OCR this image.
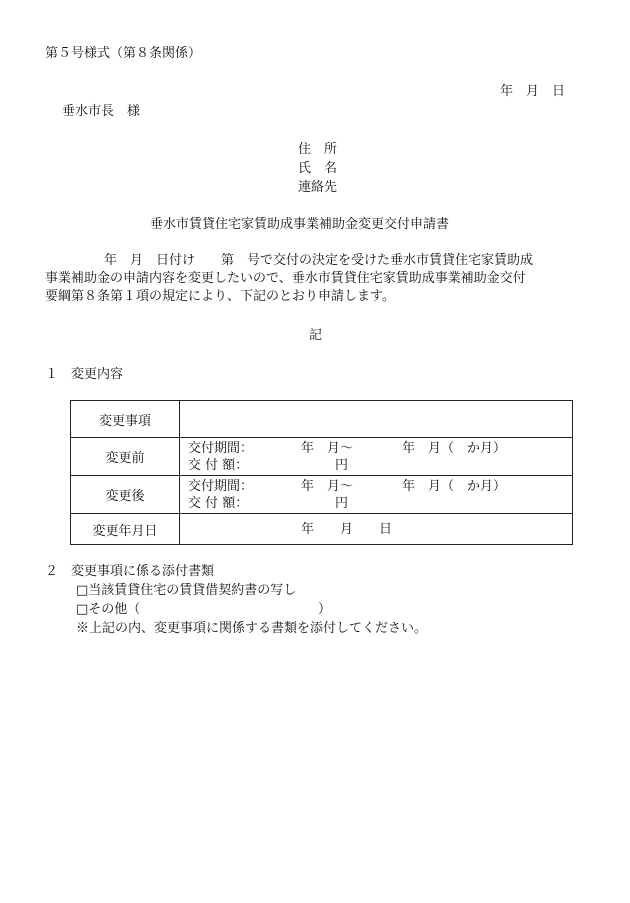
第５号様式（第８条関係）
年　月　日
垂水市長　様
住　所
氏　名
連絡先
垂水市賃貸住宅家賃助成事業補助金変更交付申請書
年　月　日付け　　第　号で交付の決定を受けた垂水市賃貸住宅家賃助成
事業補助金の申請内容を変更したいので、垂水市賃貸住宅家賃助成事業補助金交付
要綱第８条第１項の規定により、下記のとおり申請します。
記
１　変更内容
変更事項	
変更前	交付期間： 年　月～ 年　月（　か月）
交 付 額： 円

変更後	交付期間： 年　月～ 年　月（　か月）
交 付 額： 円

変更年月日	年　　月　　日
２　変更事項に係る添付書類
□当該賃貸住宅の賃貸借契約書の写し
□その他（	）
※上記の内、変更事項に関係する書類を添付してください。
